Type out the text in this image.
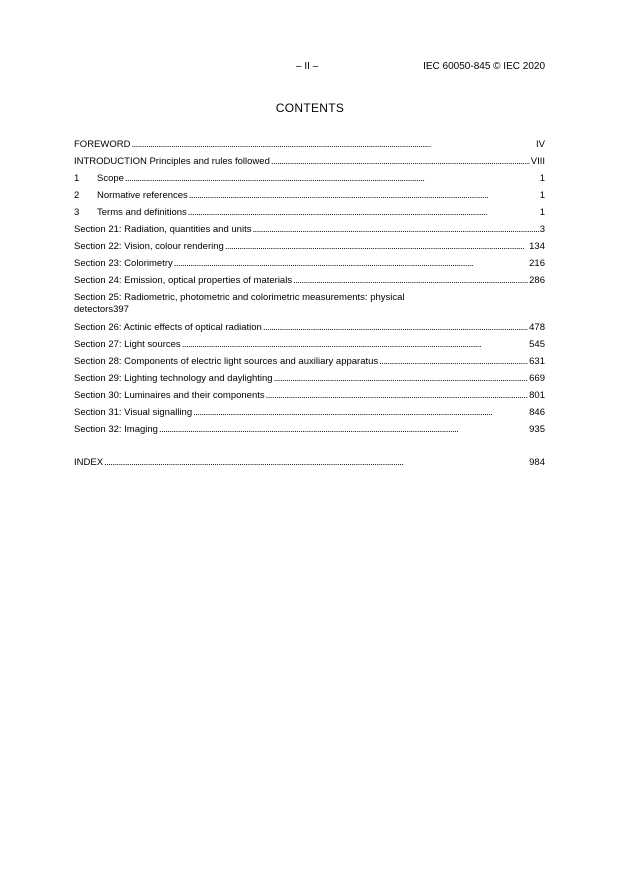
– II –	IEC 60050-845 © IEC 2020
CONTENTS
FOREWORD . . .	IV
INTRODUCTION Principles and rules followed . . .	VIII
1	Scope . . .	1
2	Normative references . . .	1
3	Terms and definitions . . .	1
Section 21: Radiation, quantities and units . . .	3
Section 22: Vision, colour rendering . . .	134
Section 23: Colorimetry . . .	216
Section 24: Emission, optical properties of materials . . .	286
Section 25: Radiometric, photometric and colorimetric measurements: physical
detectors 397
Section 26: Actinic effects of optical radiation . . .	478
Section 27: Light sources . . .	545
Section 28: Components of electric light sources and auxiliary apparatus . . .	631
Section 29: Lighting technology and daylighting . . .	669
Section 30: Luminaires and their components . . .	801
Section 31: Visual signalling . . .	846
Section 32: Imaging . . .	935
INDEX . . .	984
